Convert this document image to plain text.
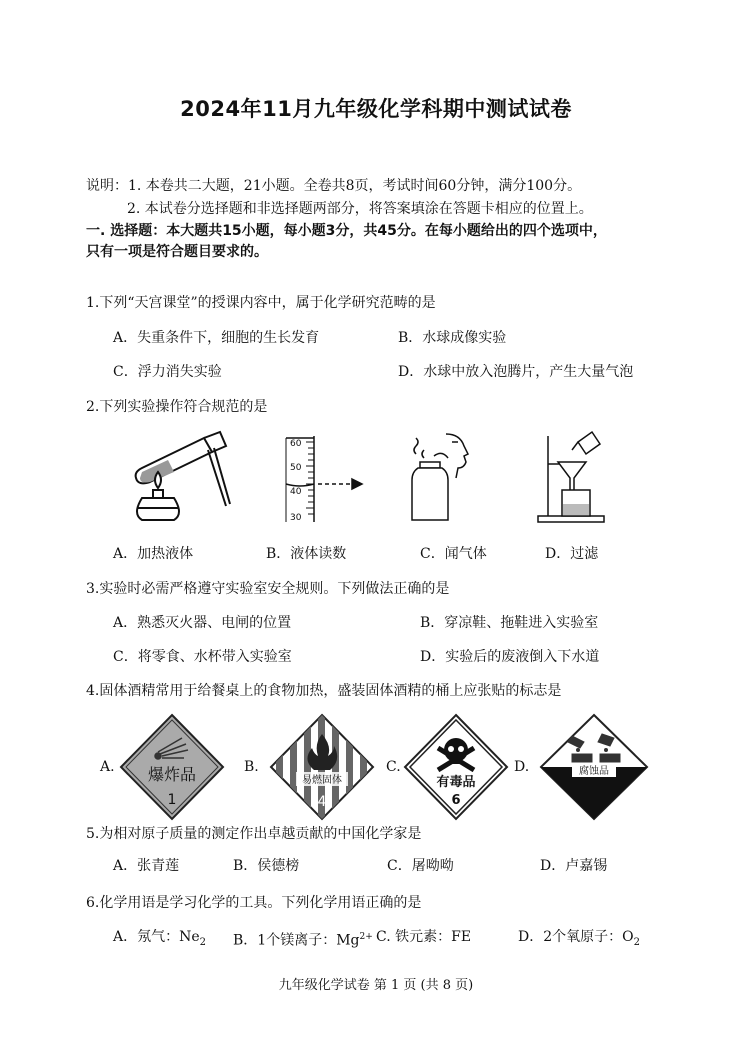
2024年11月九年级化学科期中测试试卷
说明：1. 本卷共二大题，21小题。全卷共8页，考试时间60分钟，满分100分。
2. 本试卷分选择题和非选择题两部分，将答案填涂在答题卡相应的位置上。
一. 选择题：本大题共15小题，每小题3分，共45分。在每小题给出的四个选项中，
只有一项是符合题目要求的。
1.下列“天宫课堂”的授课内容中，属于化学研究范畴的是
A．失重条件下，细胞的生长发育	B．水球成像实验
C．浮力消失实验	D．水球中放入泡腾片，产生大量气泡
2.下列实验操作符合规范的是
60
50
40
30
A．加热液体	B．液体读数	C．闻气体	D．过滤
3.实验时必需严格遵守实验室安全规则。下列做法正确的是
A．熟悉灭火器、电闸的位置	B．穿凉鞋、拖鞋进入实验室
C．将零食、水杯带入实验室	D．实验后的废液倒入下水道
4.固体酒精常用于给餐桌上的食物加热，盛装固体酒精的桶上应张贴的标志是
A. 爆炸品
1
B.
易燃固体
4
C.
有毒品
6
D.	腐蚀品
5.为相对原子质量的测定作出卓越贡献的中国化学家是
A．张青莲	B．侯德榜	C．屠呦呦	D．卢嘉锡
6.化学用语是学习化学的工具。下列化学用语正确的是
A．氖气：$Ne_2$ B．1个镁离子：$Mg^{2+}$ C. 铁元素：FE	D．2个氧原子：$O_2$
九年级化学试卷 第 1 页 (共 8 页)
